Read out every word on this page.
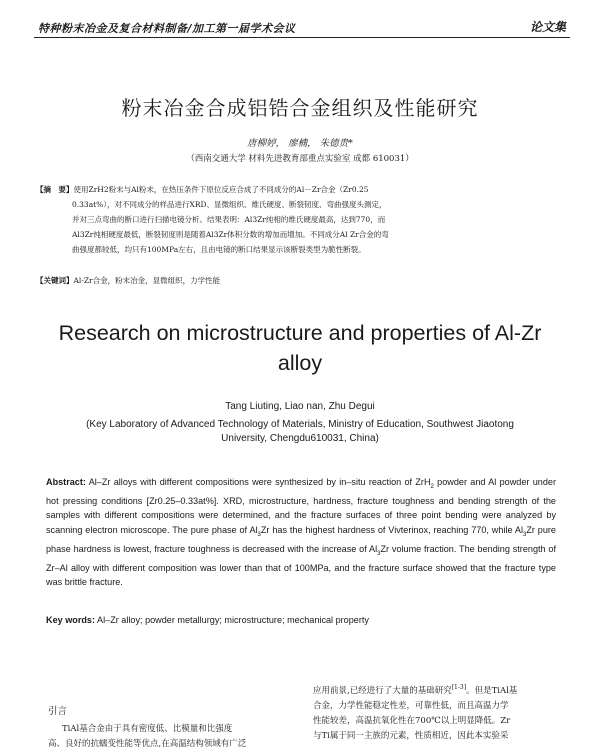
特种粉末冶金及复合材料制备/加工第一届学术会议	论文集
粉末冶金合成铝锆合金组织及性能研究
唐柳婷， 廖楠， 朱德贵*
（西南交通大学 材料先进教育部重点实验室 成都 610031）
【摘　要】使用ZrH2粉末与Al粉末，在热压条件下原位反应合成了不同成分的Al－Zr合金（Zr0.25
0.33at%），对不同成分的样品进行XRD、显微组织、维氏硬度、断裂韧度、弯曲强度头测定，
并对三点弯曲的断口进行扫描电镜分析。结果表明：Al3Zr纯相的维氏硬度最高，达到770，而
Al3Zr纯相硬度最低，断裂韧度则是随着Al3Zr体积分数的增加而增加。不同成分Al Zr合金的弯
曲强度都较低，均只有100MPa左右，且由电镜的断口结果显示该断裂类型为脆性断裂。
【关键词】Al-Zr合金，粉末冶金，显微组织，力学性能
Research on microstructure and properties of Al-Zr
alloy
Tang Liuting, Liao nan, Zhu Degui
(Key Laboratory of Advanced Technology of Materials, Ministry of Education, Southwest Jiaotong
University, Chengdu610031, China)
Abstract: Al–Zr alloys with different compositions were synthesized by in–situ reaction of ZrH$_2$ powder and Al powder under hot pressing conditions [Zr0.25–0.33at%]. XRD, microstructure, hardness, fracture toughness and bending strength of the samples with different compositions were determined, and the fracture surfaces of three point bending were analyzed by scanning electron microscope. The pure phase of $Al_3Zr$ has the highest hardness of Vivterinox, reaching 770, while $Al_3Zr$ pure phase hardness is lowest, fracture toughness is decreased with the increase of $Al_3Zr$ volume fraction. The bending strength of Zr–Al alloy with different composition was lower than that of 100MPa, and the fracture surface showed that the fracture type was brittle fracture.
Key words: Al–Zr alloy; powder metallurgy; microstructure; mechanical property

应用前景,已经进行了大量的基础研究[1-3]。但是TiAl基

合金，力学性能稳定性差，可靠性低，而且高温力学

性能较差，高温抗氧化性在700℃以上明显降低。Zr

与Ti属于同一主族的元素，性质相近，因此本实验采

引言

TiAl基合金由于具有密度低、比模量和比强度

高、良好的抗蠕变性能等优点,在高温结构领域有广泛
